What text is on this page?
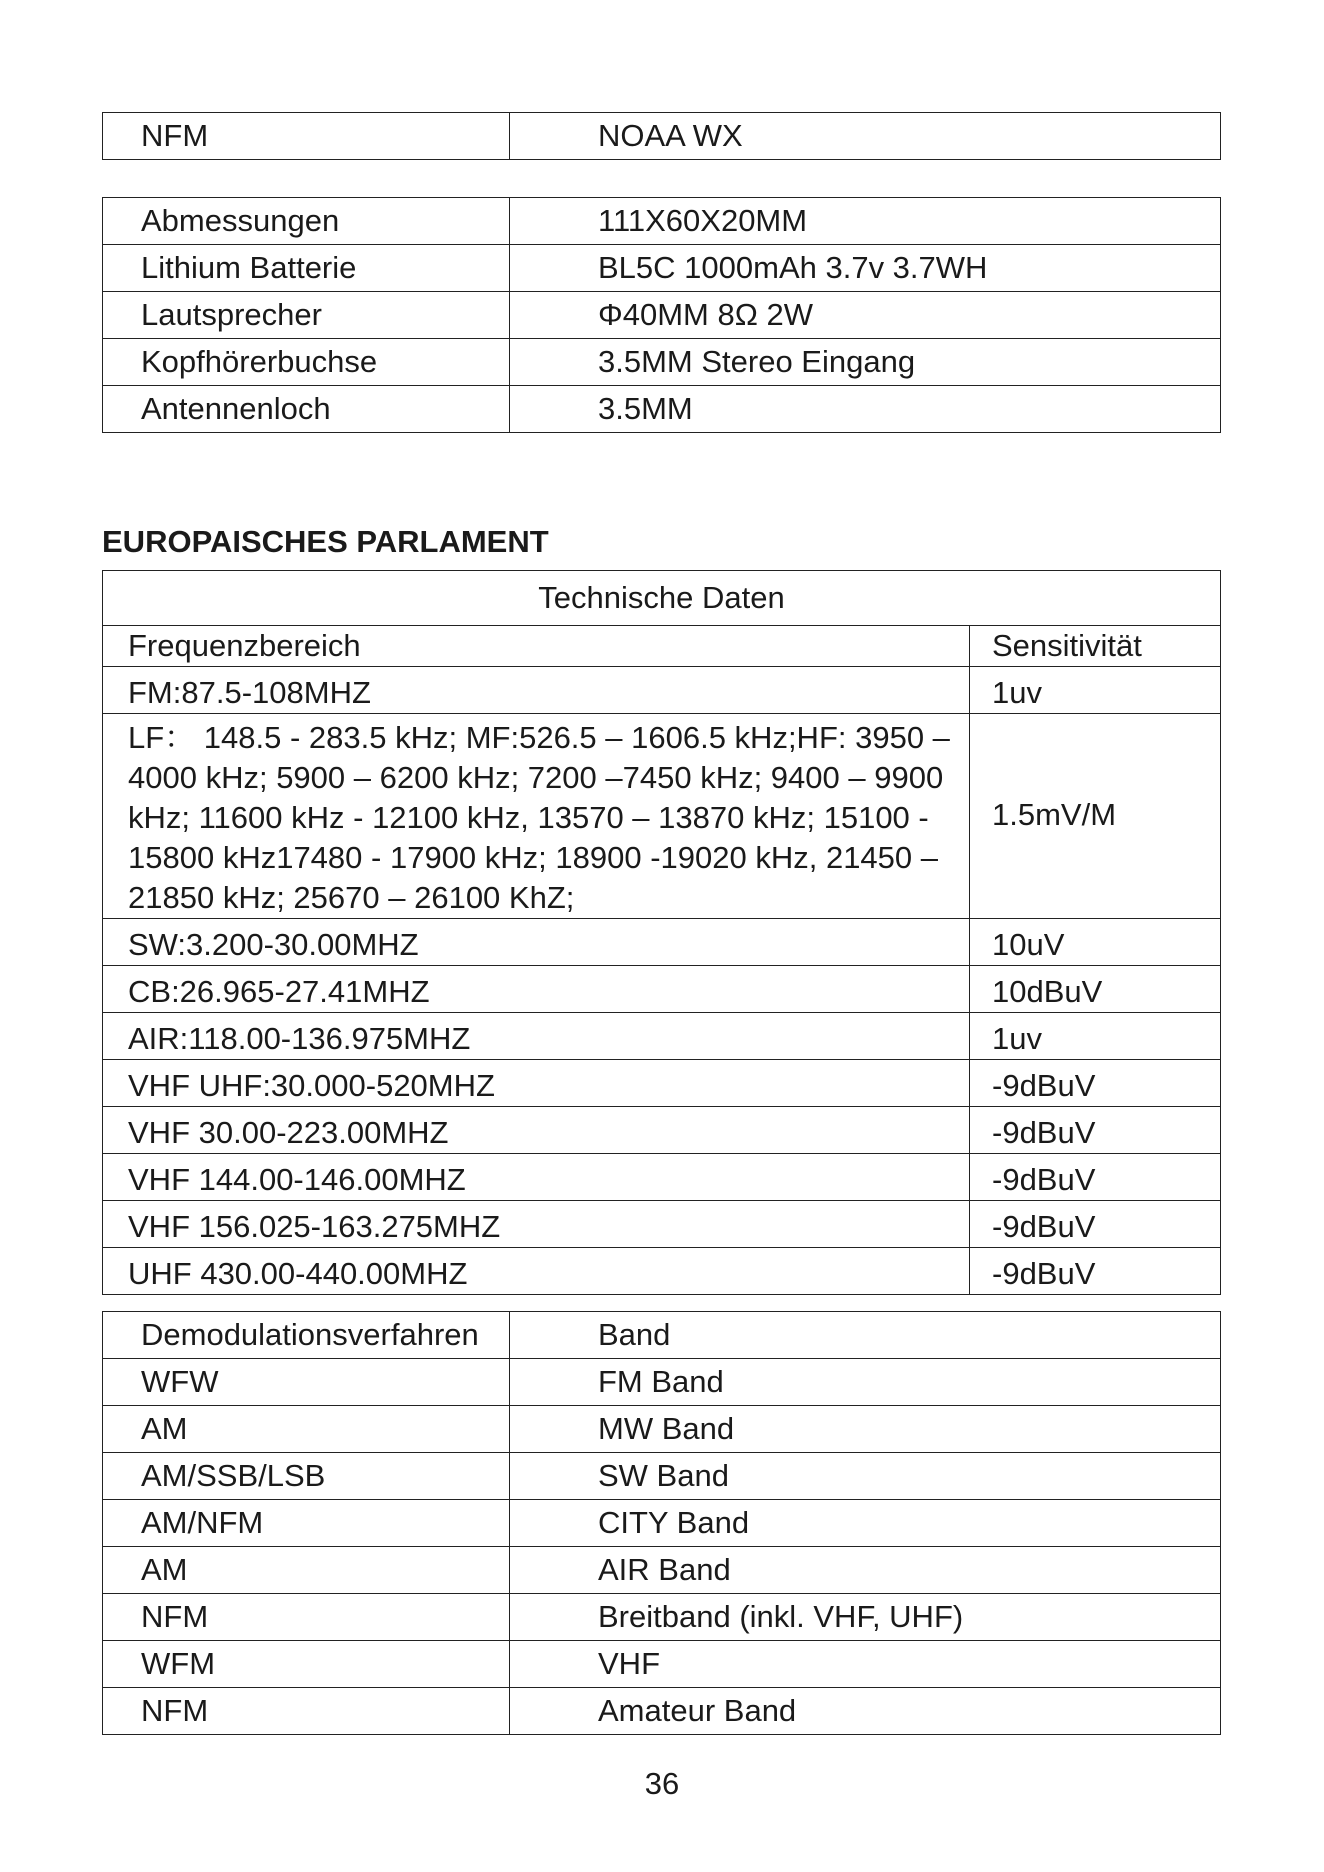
NFM	NOAA WX
Abmessungen	111X60X20MM
Lithium Batterie	BL5C 1000mAh 3.7v 3.7WH
Lautsprecher	Φ40MM 8Ω 2W
Kopfhörerbuchse	3.5MM Stereo Eingang
Antennenloch	3.5MM
EUROPAISCHES PARLAMENT
Technische Daten	
Frequenzbereich	Sensitivität
FM:87.5-108MHZ	1uv
LF： 148.5 - 283.5 kHz; MF:526.5 – 1606.5 kHz;HF: 3950 – 4000 kHz; 5900 – 6200 kHz; 7200 –7450 kHz; 9400 – 9900 kHz; 11600 kHz - 12100 kHz, 13570 – 13870 kHz; 15100 - 15800 kHz17480 - 17900 kHz; 18900 -19020 kHz, 21450 – 21850 kHz; 25670 – 26100 KhZ;	1.5mV/M
SW:3.200-30.00MHZ	10uV
CB:26.965-27.41MHZ	10dBuV
AIR:118.00-136.975MHZ	1uv
VHF UHF:30.000-520MHZ	-9dBuV
VHF 30.00-223.00MHZ	-9dBuV
VHF 144.00-146.00MHZ	-9dBuV
VHF 156.025-163.275MHZ	-9dBuV
UHF 430.00-440.00MHZ	-9dBuV
Demodulationsverfahren	Band
WFW	FM Band
AM	MW Band
AM/SSB/LSB	SW Band
AM/NFM	CITY Band
AM	AIR Band
NFM	Breitband (inkl. VHF, UHF)
WFM	VHF
NFM	Amateur Band
36
